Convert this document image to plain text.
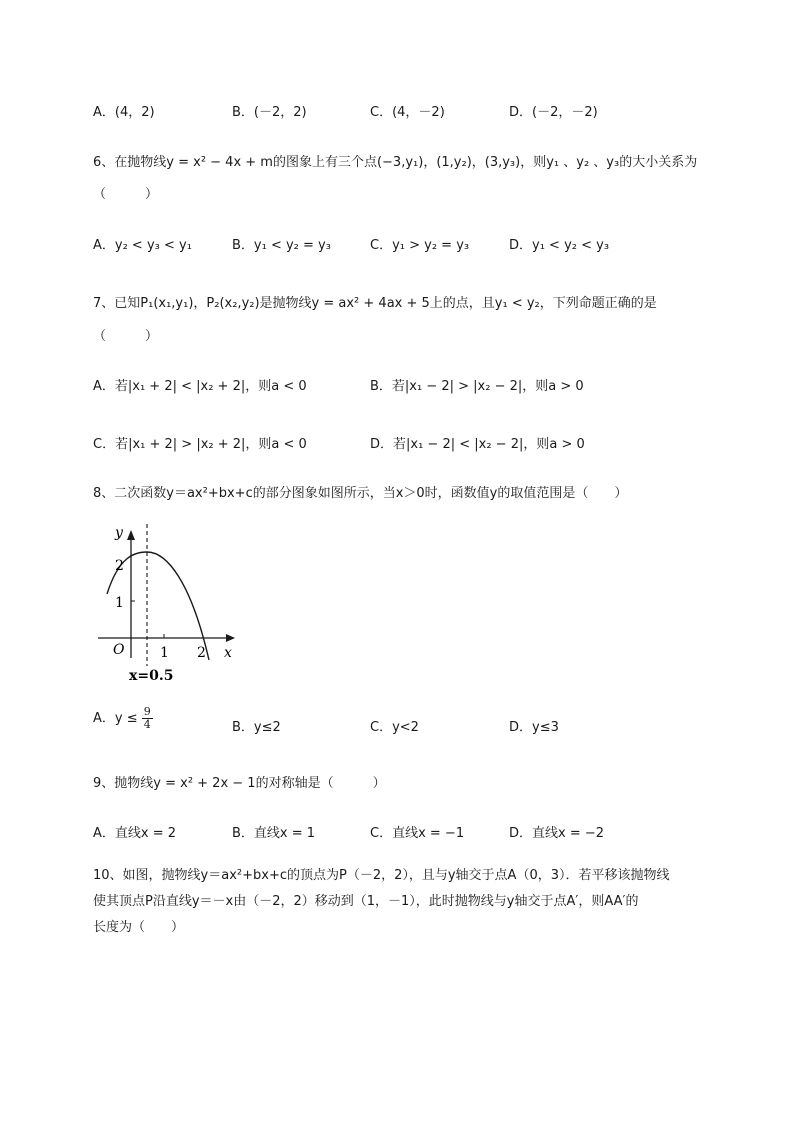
A．(4，2)	B．(－2，2)	C．(4，－2)	D．(－2，－2)
6、在抛物线y = x² − 4x + m的图象上有三个点(−3,y₁)，(1,y₂)，(3,y₃)，则y₁ 、y₂ 、y₃的大小关系为
（　　　）
A．y₂ < y₃ < y₁	B．y₁ < y₂ = y₃	C．y₁ > y₂ = y₃	D．y₁ < y₂ < y₃
7、已知P₁(x₁,y₁)，P₂(x₂,y₂)是抛物线y = ax² + 4ax + 5上的点，且y₁ < y₂，下列命题正确的是
（　　　）
A．若|x₁ + 2| < |x₂ + 2|，则a < 0	B．若|x₁ − 2| > |x₂ − 2|，则a > 0
C．若|x₁ + 2| > |x₂ + 2|，则a < 0	D．若|x₁ − 2| < |x₂ − 2|，则a > 0
8、二次函数y＝ax²+bx+c的部分图象如图所示，当x＞0时，函数值y的取值范围是（　　）
y
x
O
2
1
1 2
x=0.5
A．$y \le \frac{9}{4}$	B．y≤2	C．y<2	D．y≤3
9、抛物线y = x² + 2x − 1的对称轴是（　　　）
A．直线x = 2	B．直线x = 1	C．直线x = −1	D．直线x = −2
10、如图，抛物线y＝ax²+bx+c的顶点为P（－2，2），且与y轴交于点A（0，3）．若平移该抛物线
使其顶点P沿直线y＝－x由（－2，2）移动到（1，－1），此时抛物线与y轴交于点A′，则AA′的
长度为（　　）
